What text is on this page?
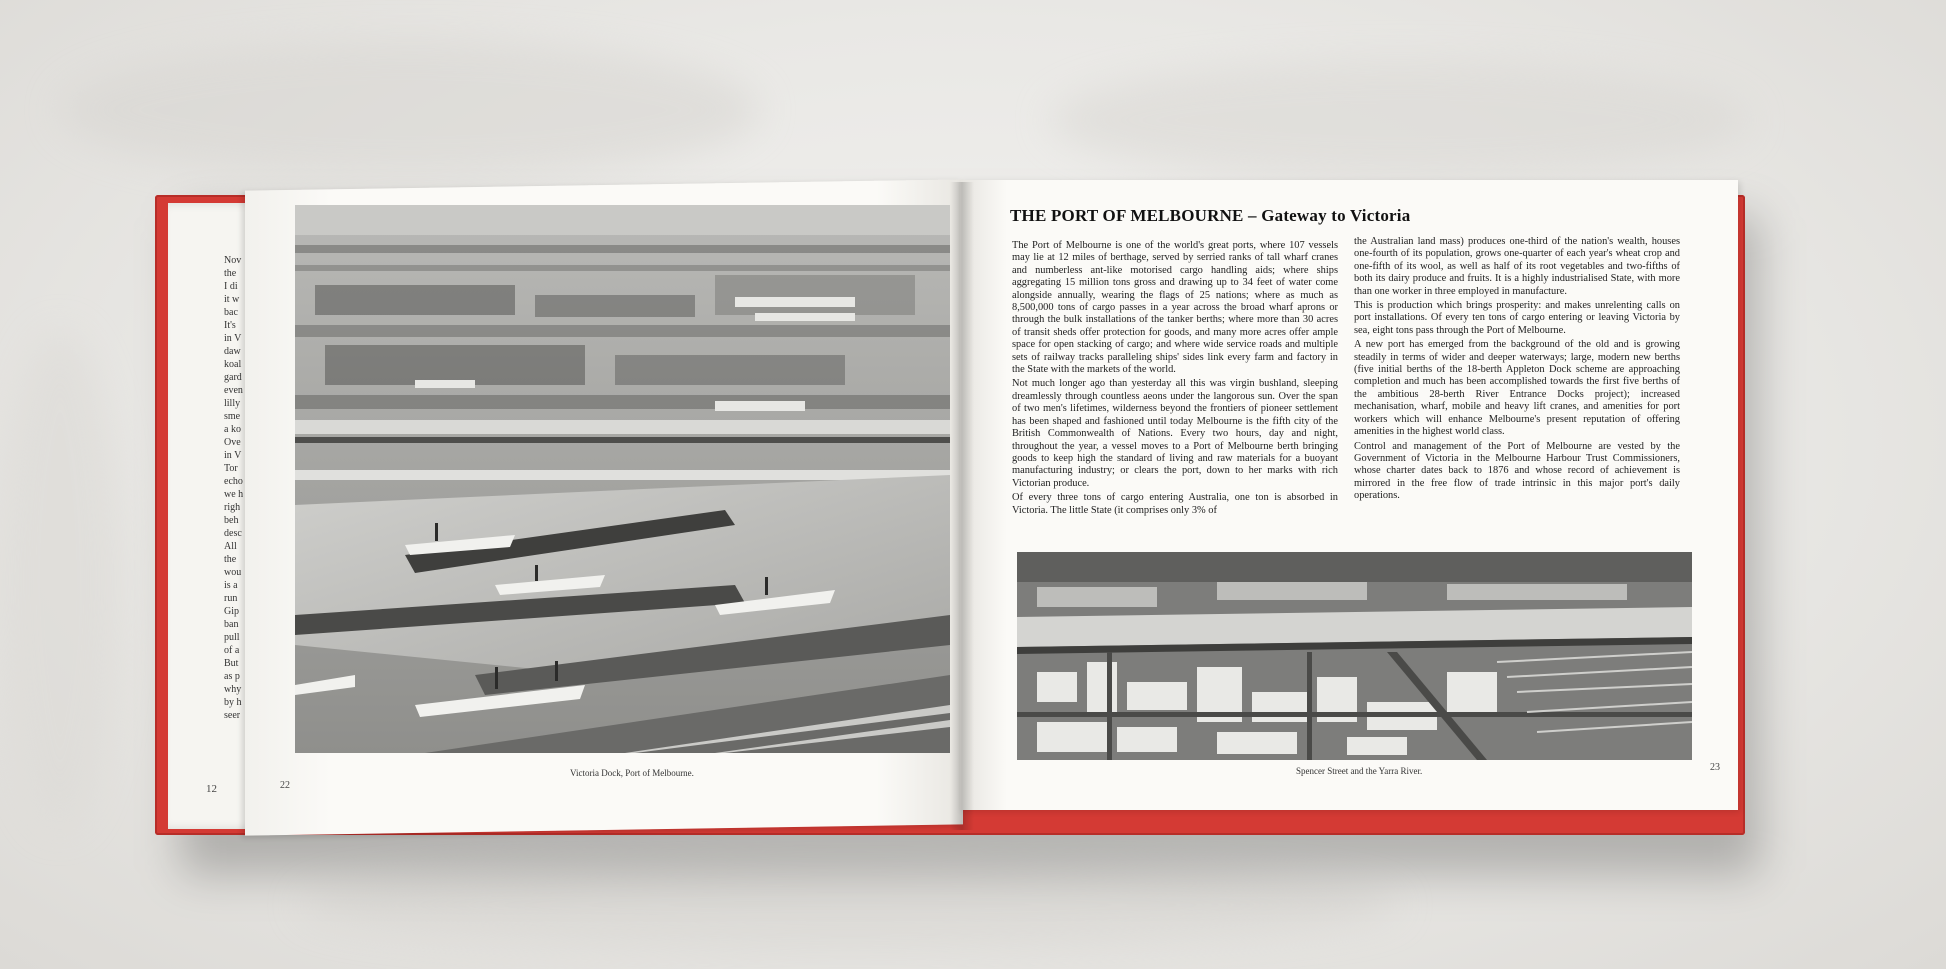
12
Nov
the
I di
it w
bac
It's
in V
daw
koal
gard
even
lilly
sme
a ko
Ove
in V
Tor
echo
we h
righ
beh
desc
All
the
wou
is a
run
Gip
ban
pull
of a
But
as p
why
by h
seer
Victoria Dock, Port of Melbourne.
22
THE PORT OF MELBOURNE – Gateway to Victoria

The Port of Melbourne is one of the world's great ports, where 107 vessels may lie at 12 miles of berthage, served by serried ranks of tall wharf cranes and numberless ant-like motorised cargo handling aids; where ships aggregating 15 million tons gross and drawing up to 34 feet of water come alongside annually, wearing the flags of 25 nations; where as much as 8,500,000 tons of cargo passes in a year across the broad wharf aprons or through the bulk installations of the tanker berths; where more than 30 acres of transit sheds offer protection for goods, and many more acres offer ample space for open stacking of cargo; and where wide service roads and multiple sets of railway tracks paralleling ships' sides link every farm and factory in the State with the markets of the world.

Not much longer ago than yesterday all this was virgin bushland, sleeping dreamlessly through countless aeons under the langorous sun. Over the span of two men's lifetimes, wilderness beyond the frontiers of pioneer settlement has been shaped and fashioned until today Melbourne is the fifth city of the British Commonwealth of Nations. Every two hours, day and night, throughout the year, a vessel moves to a Port of Melbourne berth bringing goods to keep high the standard of living and raw materials for a buoyant manufacturing industry; or clears the port, down to her marks with rich Victorian produce.

Of every three tons of cargo entering Australia, one ton is absorbed in Victoria. The little State (it comprises only 3% of

the Australian land mass) produces one-third of the nation's wealth, houses one-fourth of its population, grows one-quarter of each year's wheat crop and one-fifth of its wool, as well as half of its root vegetables and two-fifths of both its dairy produce and fruits. It is a highly industrialised State, with more than one worker in three employed in manufacture.

This is production which brings prosperity: and makes unrelenting calls on port installations. Of every ten tons of cargo entering or leaving Victoria by sea, eight tons pass through the Port of Melbourne.

A new port has emerged from the background of the old and is growing steadily in terms of wider and deeper waterways; large, modern new berths (five initial berths of the 18-berth Appleton Dock scheme are approaching completion and much has been accomplished towards the first five berths of the ambitious 28-berth River Entrance Docks project); increased mechanisation, wharf, mobile and heavy lift cranes, and amenities for port workers which will enhance Melbourne's present reputation of offering amenities in the highest world class.

Control and management of the Port of Melbourne are vested by the Government of Victoria in the Melbourne Harbour Trust Commissioners, whose charter dates back to 1876 and whose record of achievement is mirrored in the free flow of trade intrinsic in this major port's daily operations.

Spencer Street and the Yarra River.	23
